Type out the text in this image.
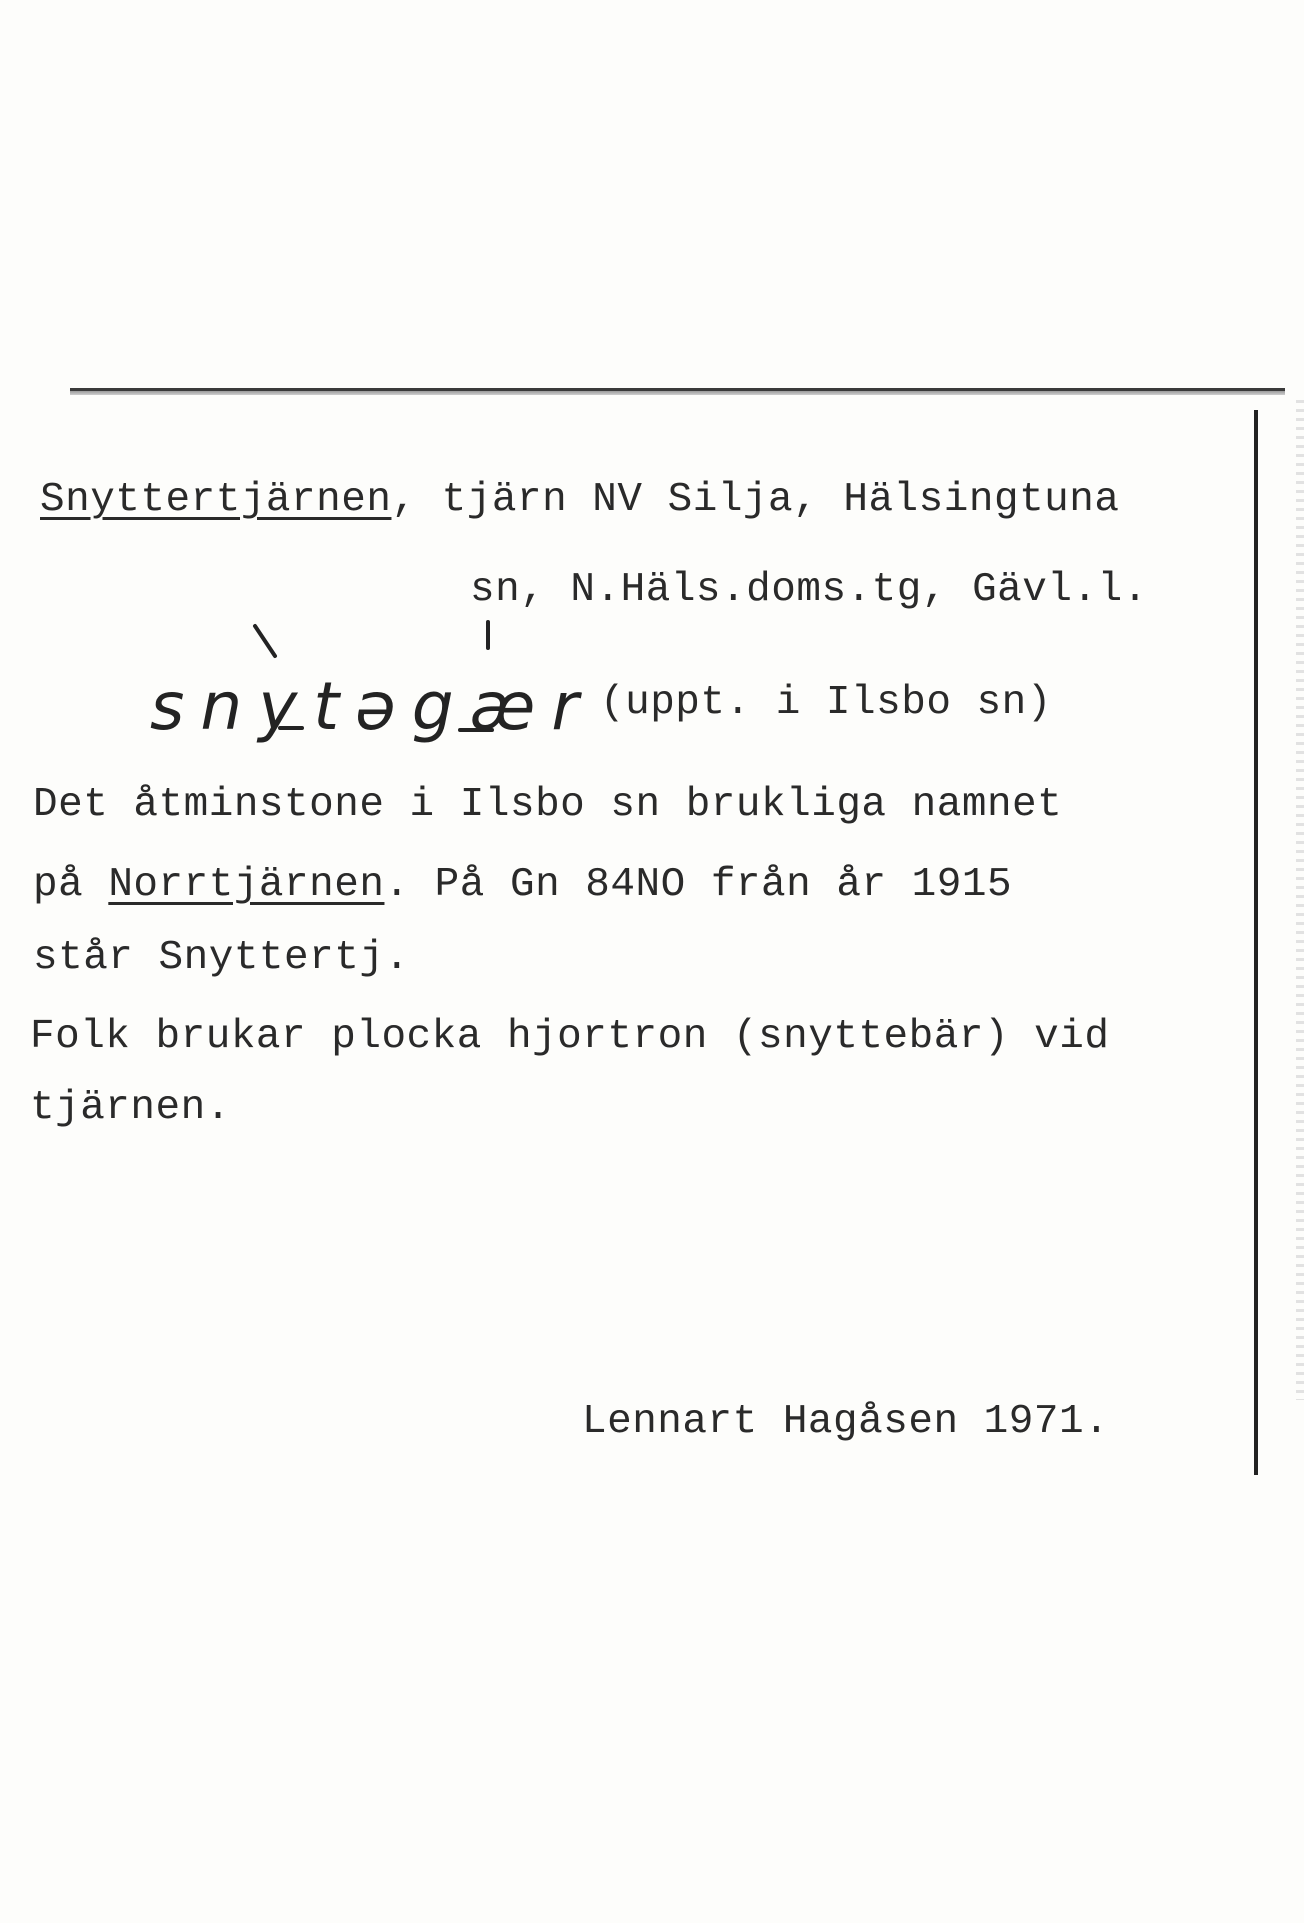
Snyttertjärnen, tjärn NV Silja, Hälsingtuna
sn, N.Häls.doms.tg, Gävl.l.
snytəgær (uppt. i Ilsbo sn)
Det åtminstone i Ilsbo sn brukliga namnet
på Norrtjärnen. På Gn 84NO från år 1915
står Snyttertj.
Folk brukar plocka hjortron (snyttebär) vid
tjärnen.
Lennart Hagåsen 1971.
